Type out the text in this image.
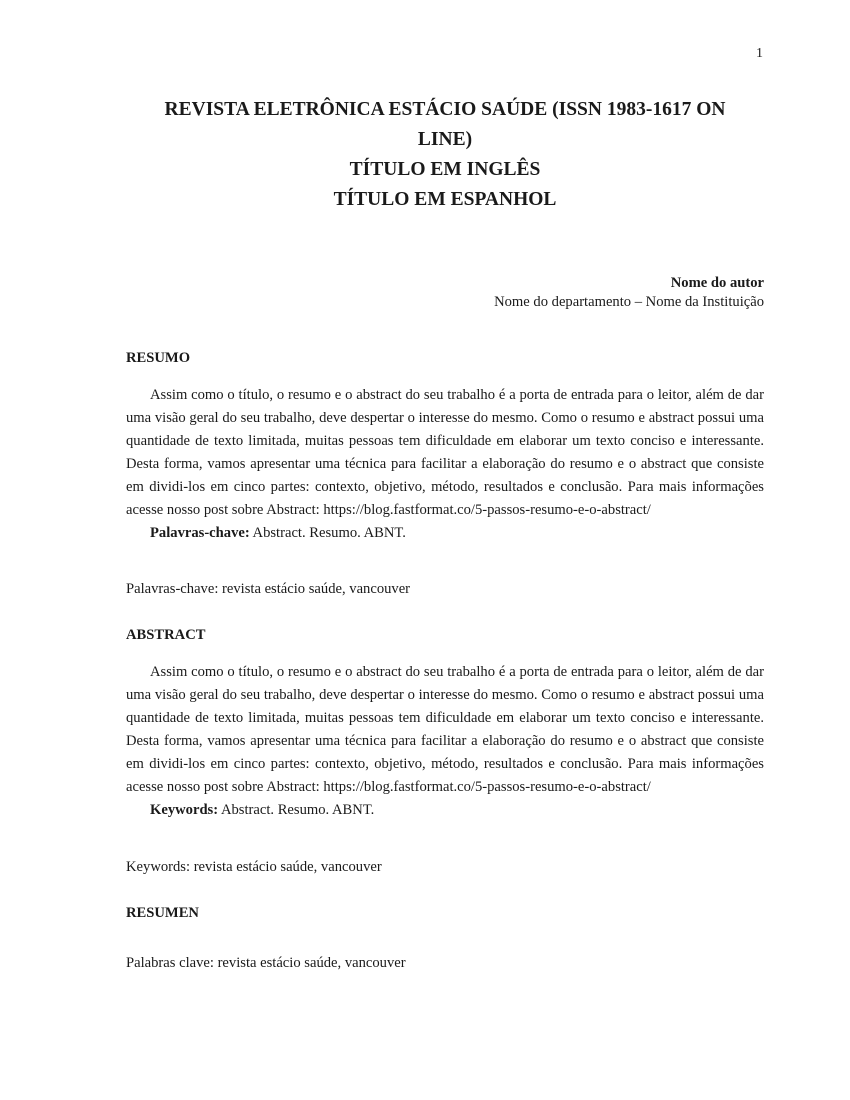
1
REVISTA ELETRÔNICA ESTÁCIO SAÚDE (ISSN 1983-1617 ON
LINE)
TÍTULO EM INGLÊS
TÍTULO EM ESPANHOL
Nome do autor
Nome do departamento – Nome da Instituição
RESUMO

Assim como o título, o resumo e o abstract do seu trabalho é a porta de entrada para o leitor, além de dar uma visão geral do seu trabalho, deve despertar o interesse do mesmo. Como o resumo e abstract possui uma quantidade de texto limitada, muitas pessoas tem dificuldade em elaborar um texto conciso e interessante. Desta forma, vamos apresentar uma técnica para facilitar a elaboração do resumo e o abstract que consiste em dividi-los em cinco partes: contexto, objetivo, método, resultados e conclusão. Para mais informações acesse nosso post sobre Abstract: https://blog.fastformat.co/5-passos-resumo-e-o-abstract/

Palavras-chave: Abstract. Resumo. ABNT.

Palavras-chave: revista estácio saúde, vancouver

ABSTRACT

Assim como o título, o resumo e o abstract do seu trabalho é a porta de entrada para o leitor, além de dar uma visão geral do seu trabalho, deve despertar o interesse do mesmo. Como o resumo e abstract possui uma quantidade de texto limitada, muitas pessoas tem dificuldade em elaborar um texto conciso e interessante. Desta forma, vamos apresentar uma técnica para facilitar a elaboração do resumo e o abstract que consiste em dividi-los em cinco partes: contexto, objetivo, método, resultados e conclusão. Para mais informações acesse nosso post sobre Abstract: https://blog.fastformat.co/5-passos-resumo-e-o-abstract/

Keywords: Abstract. Resumo. ABNT.

Keywords: revista estácio saúde, vancouver

RESUMEN

Palabras clave: revista estácio saúde, vancouver
